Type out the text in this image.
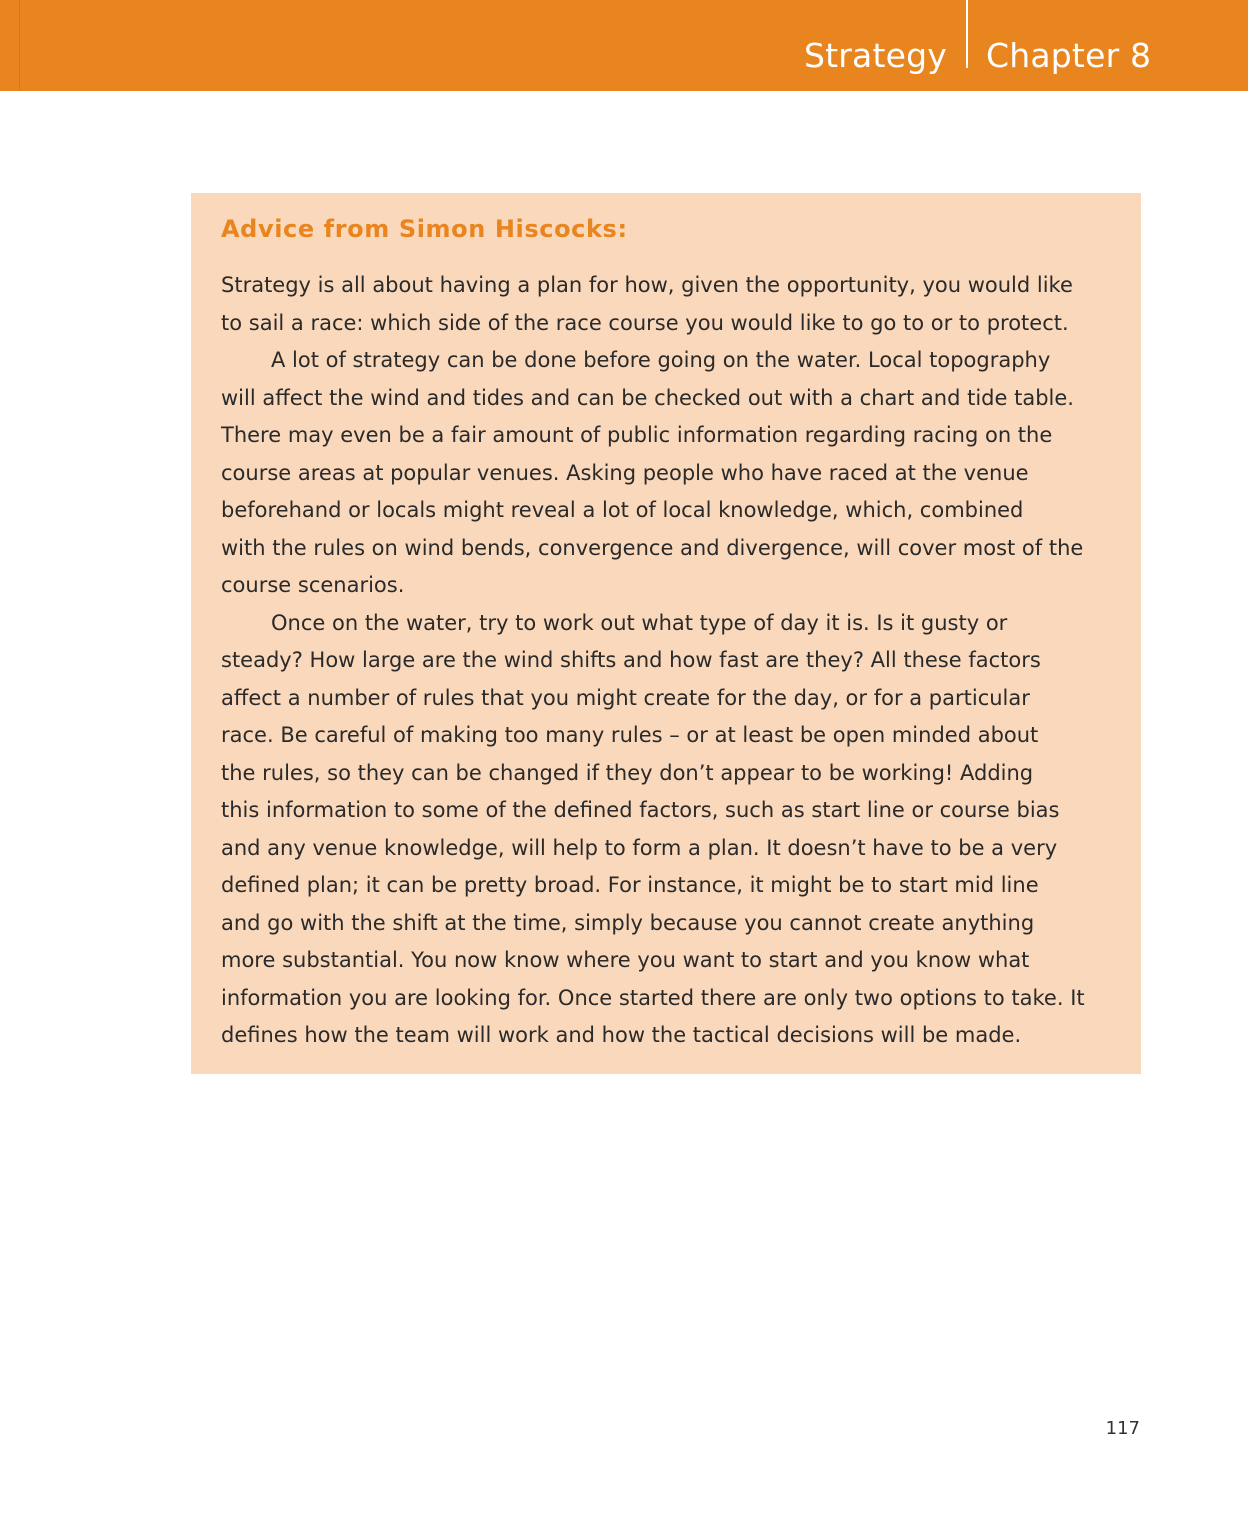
Strategy Chapter 8
Advice from Simon Hiscocks:
Strategy is all about having a plan for how, given the opportunity, you would like
to sail a race: which side of the race course you would like to go to or to protect.
A lot of strategy can be done before going on the water. Local topography
will affect the wind and tides and can be checked out with a chart and tide table.
There may even be a fair amount of public information regarding racing on the
course areas at popular venues. Asking people who have raced at the venue
beforehand or locals might reveal a lot of local knowledge, which, combined
with the rules on wind bends, convergence and divergence, will cover most of the
course scenarios.
Once on the water, try to work out what type of day it is. Is it gusty or
steady? How large are the wind shifts and how fast are they? All these factors
affect a number of rules that you might create for the day, or for a particular
race. Be careful of making too many rules – or at least be open minded about
the rules, so they can be changed if they don’t appear to be working! Adding
this information to some of the defined factors, such as start line or course bias
and any venue knowledge, will help to form a plan. It doesn’t have to be a very
defined plan; it can be pretty broad. For instance, it might be to start mid line
and go with the shift at the time, simply because you cannot create anything
more substantial. You now know where you want to start and you know what
information you are looking for. Once started there are only two options to take. It
defines how the team will work and how the tactical decisions will be made.
117
